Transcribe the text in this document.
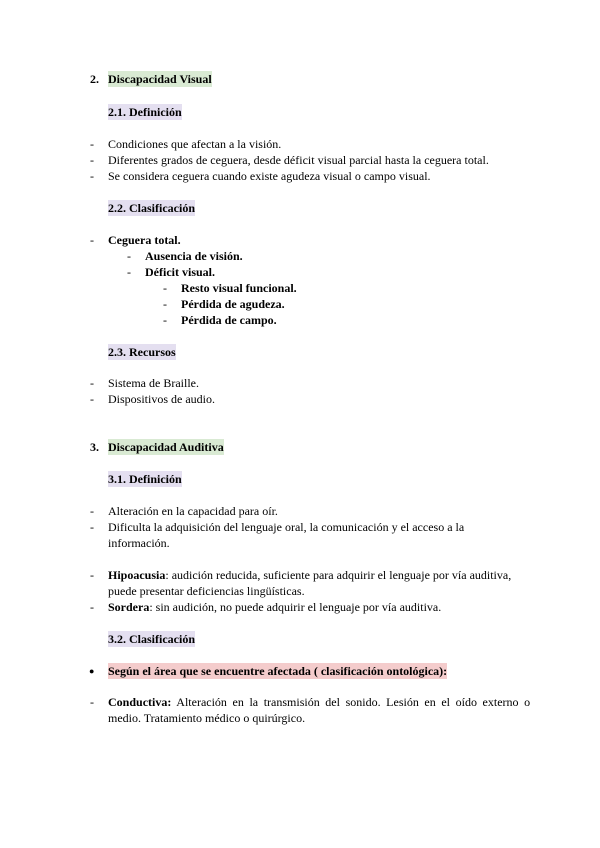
2. Discapacidad Visual
2.1. Definición
-	Condiciones que afectan a la visión.
-	Diferentes grados de ceguera, desde déficit visual parcial hasta la ceguera total.
-	Se considera ceguera cuando existe agudeza visual o campo visual.
2.2. Clasificación
-	Ceguera total.
-	Ausencia de visión.
-	Déficit visual.
-	Resto visual funcional.
-	Pérdida de agudeza.
-	Pérdida de campo.
2.3. Recursos
-	Sistema de Braille.
-	Dispositivos de audio.
3. Discapacidad Auditiva
3.1. Definición
-	Alteración en la capacidad para oír.
-	Dificulta la adquisición del lenguaje oral, la comunicación y el acceso a la
información.
-	Hipoacusia: audición reducida, suficiente para adquirir el lenguaje por vía auditiva,
puede presentar deficiencias lingüísticas.
-	Sordera: sin audición, no puede adquirir el lenguaje por vía auditiva.
3.2. Clasificación
● Según el área que se encuentre afectada ( clasificación ontológica):
-	Conductiva: Alteración en la transmisión del sonido. Lesión en el oído externo o
medio. Tratamiento médico o quirúrgico.
